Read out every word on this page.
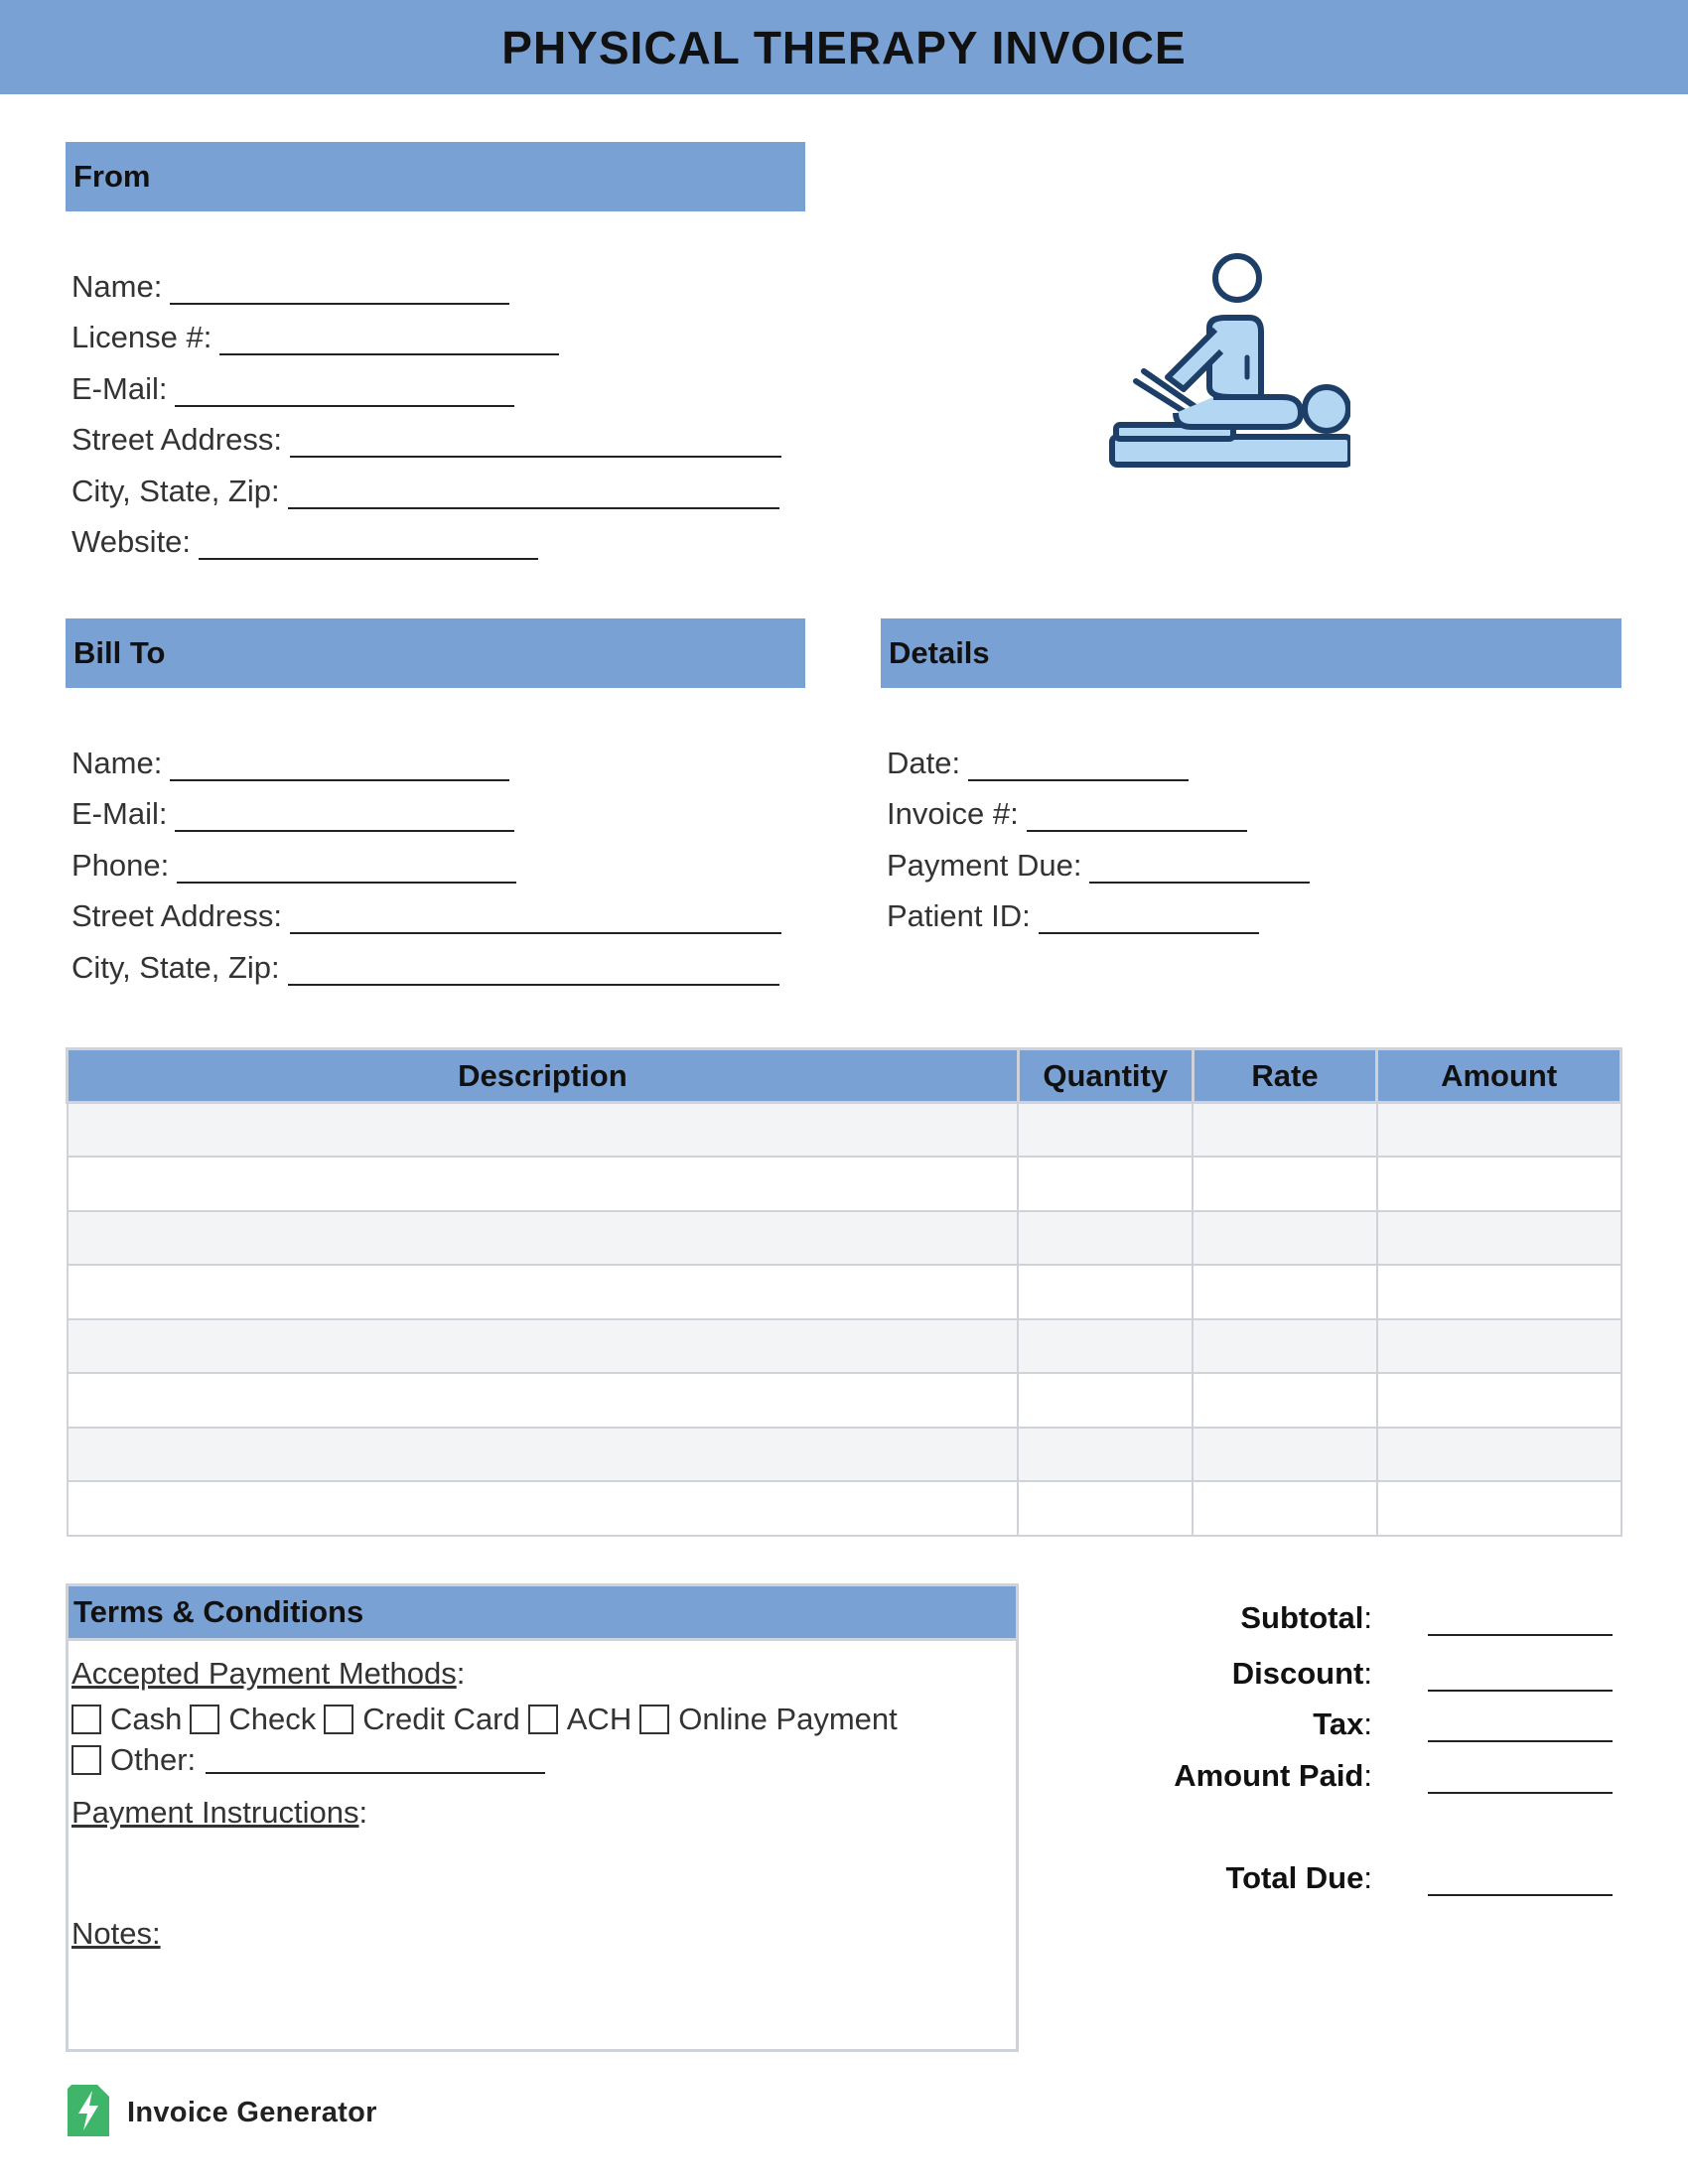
PHYSICAL THERAPY INVOICE
From
Name:
License #:
E-Mail:
Street Address:
City, State, Zip:
Website:
Bill To
Name:
E-Mail:
Phone:
Street Address:
City, State, Zip:
Details
Date:
Invoice #:
Payment Due:
Patient ID:
Description	Quantity	Rate	Amount

Terms & Conditions
Accepted Payment Methods:
Cash Check Credit Card ACH Online Payment
Other:
Payment Instructions:
Notes:
Subtotal:
Discount:
Tax:
Amount Paid:
Total Due:
Invoice Generator
